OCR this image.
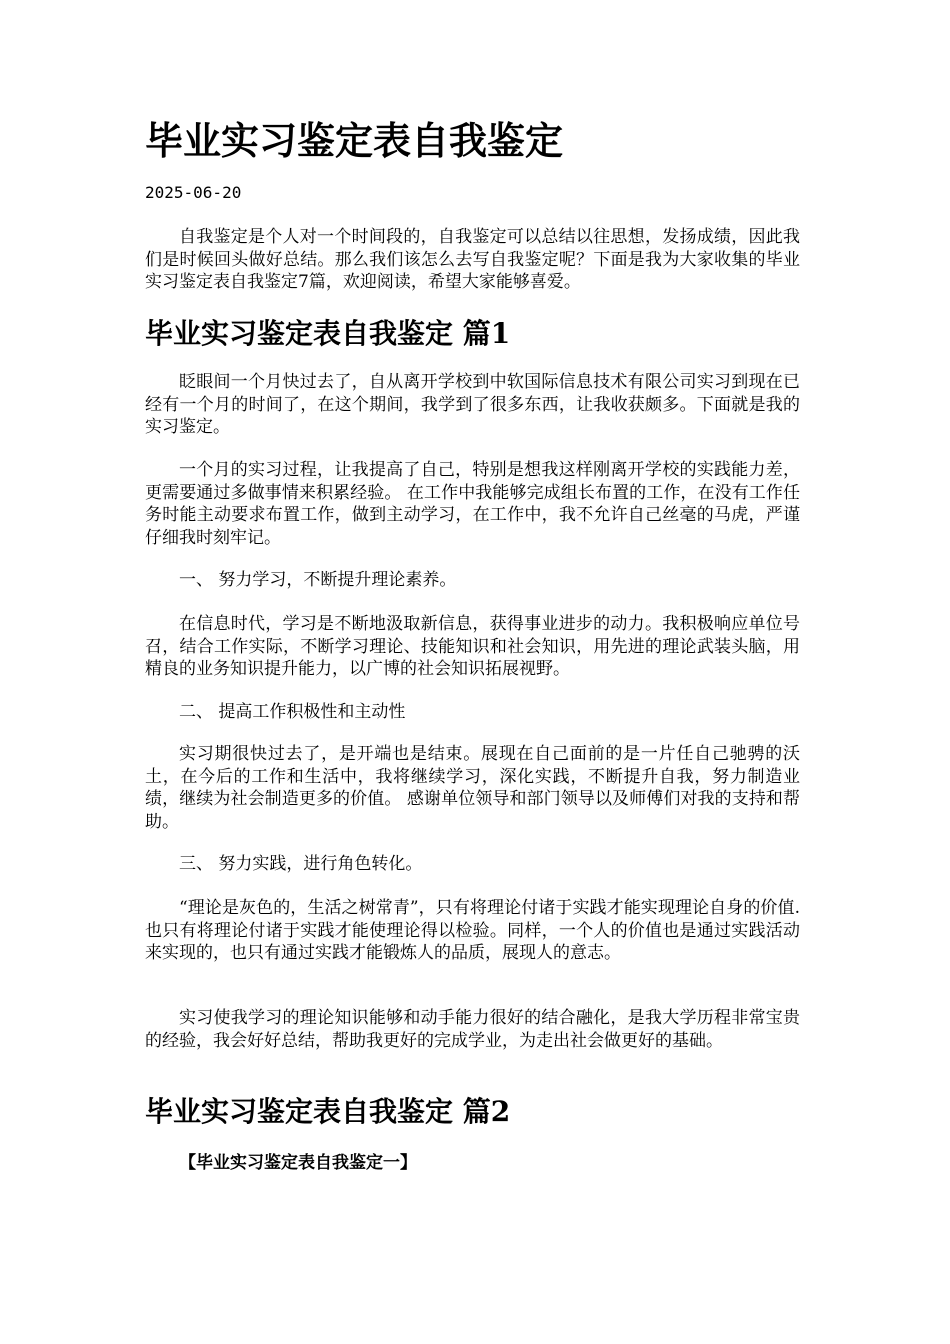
毕业实习鉴定表自我鉴定
2025-06-20

自我鉴定是个人对一个时间段的，自我鉴定可以总结以往思想，发扬成绩，因此我们是时候回头做好总结。那么我们该怎么去写自我鉴定呢？下面是我为大家收集的毕业实习鉴定表自我鉴定7篇，欢迎阅读，希望大家能够喜爱。

毕业实习鉴定表自我鉴定 篇1

眨眼间一个月快过去了，自从离开学校到中软国际信息技术有限公司实习到现在已经有一个月的时间了，在这个期间，我学到了很多东西，让我收获颇多。下面就是我的实习鉴定。

一个月的实习过程，让我提高了自己，特别是想我这样刚离开学校的实践能力差，更需要通过多做事情来积累经验。 在工作中我能够完成组长布置的工作，在没有工作任务时能主动要求布置工作，做到主动学习，在工作中，我不允许自己丝毫的马虎，严谨仔细我时刻牢记。

一、 努力学习，不断提升理论素养。

在信息时代，学习是不断地汲取新信息，获得事业进步的动力。我积极响应单位号召，结合工作实际，不断学习理论、技能知识和社会知识，用先进的理论武装头脑，用精良的业务知识提升能力，以广博的社会知识拓展视野。

二、 提高工作积极性和主动性

实习期很快过去了，是开端也是结束。展现在自己面前的是一片任自己驰骋的沃土，在今后的工作和生活中，我将继续学习，深化实践，不断提升自我，努力制造业绩，继续为社会制造更多的价值。 感谢单位领导和部门领导以及师傅们对我的支持和帮助。

三、 努力实践，进行角色转化。

“理论是灰色的，生活之树常青”，只有将理论付诸于实践才能实现理论自身的价值.也只有将理论付诸于实践才能使理论得以检验。同样，一个人的价值也是通过实践活动来实现的，也只有通过实践才能锻炼人的品质，展现人的意志。

实习使我学习的理论知识能够和动手能力很好的结合融化，是我大学历程非常宝贵的经验，我会好好总结，帮助我更好的完成学业，为走出社会做更好的基础。

毕业实习鉴定表自我鉴定 篇2

【毕业实习鉴定表自我鉴定一】
